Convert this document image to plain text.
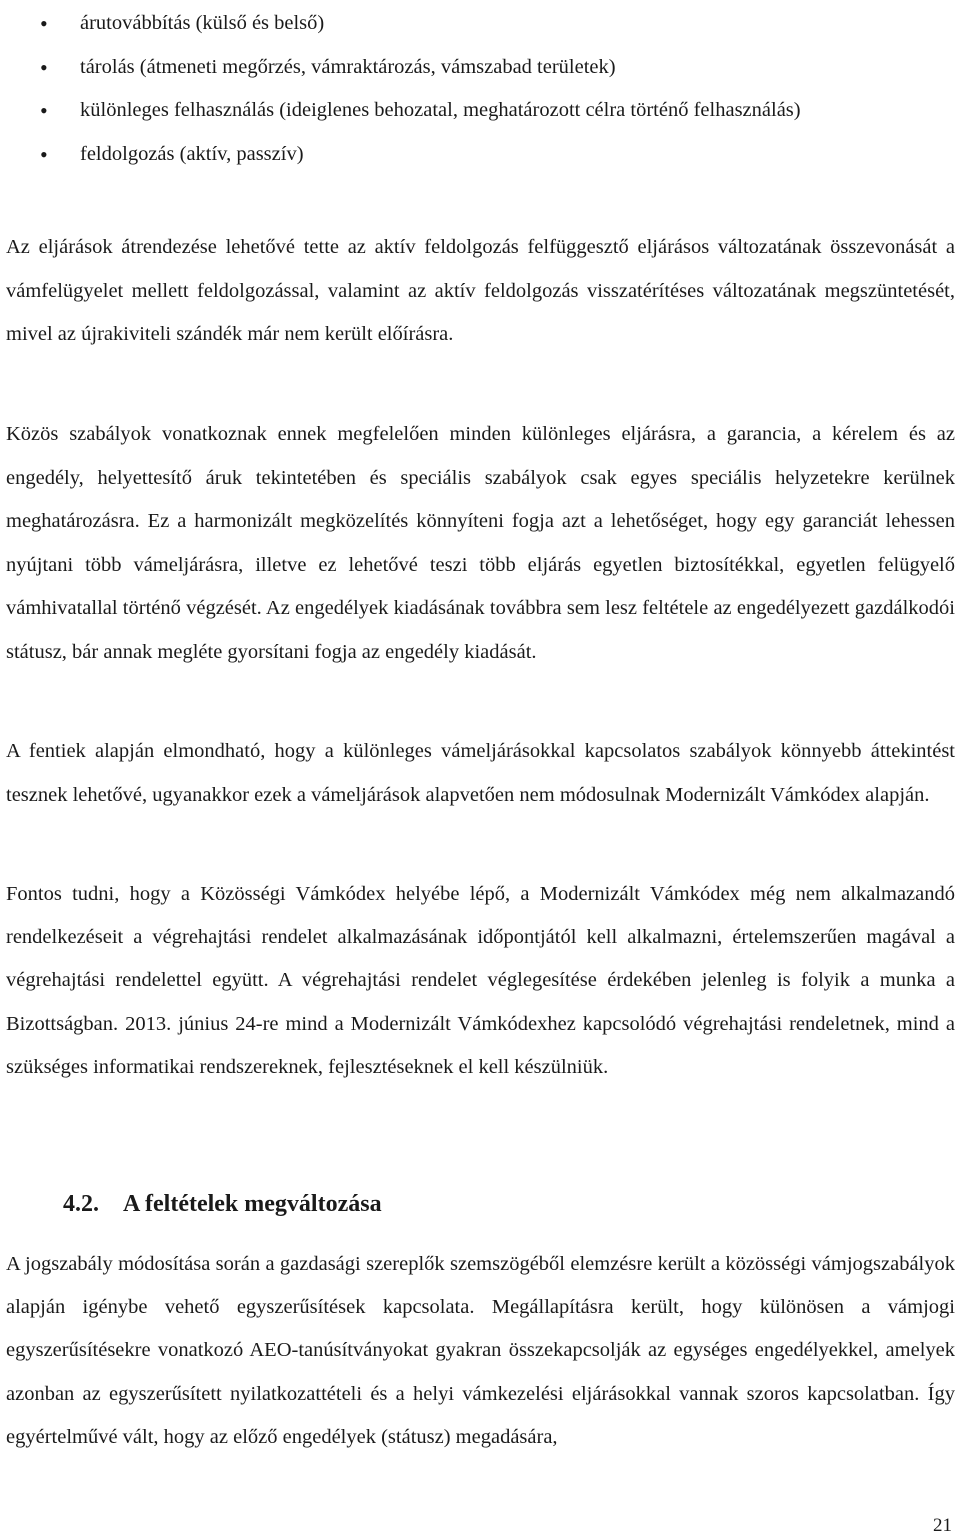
• árutovábbítás (külső és belső)
• tárolás (átmeneti megőrzés, vámraktározás, vámszabad területek)
• különleges felhasználás (ideiglenes behozatal, meghatározott célra történő felhasználás)
• feldolgozás (aktív, passzív)

Az eljárások átrendezése lehetővé tette az aktív feldolgozás felfüggesztő eljárásos változatának összevonását a vámfelügyelet mellett feldolgozással, valamint az aktív feldolgozás visszatérítéses változatának megszüntetését, mivel az újrakiviteli szándék már nem került előírásra.

Közös szabályok vonatkoznak ennek megfelelően minden különleges eljárásra, a garancia, a kérelem és az engedély, helyettesítő áruk tekintetében és speciális szabályok csak egyes speciális helyzetekre kerülnek meghatározásra. Ez a harmonizált megközelítés könnyíteni fogja azt a lehetőséget, hogy egy garanciát lehessen nyújtani több vámeljárásra, illetve ez lehetővé teszi több eljárás egyetlen biztosítékkal, egyetlen felügyelő vámhivatallal történő végzését. Az engedélyek kiadásának továbbra sem lesz feltétele az engedélyezett gazdálkodói státusz, bár annak megléte gyorsítani fogja az engedély kiadását.

A fentiek alapján elmondható, hogy a különleges vámeljárásokkal kapcsolatos szabályok könnyebb áttekintést tesznek lehetővé, ugyanakkor ezek a vámeljárások alapvetően nem módosulnak Modernizált Vámkódex alapján.

Fontos tudni, hogy a Közösségi Vámkódex helyébe lépő, a Modernizált Vámkódex még nem alkalmazandó rendelkezéseit a végrehajtási rendelet alkalmazásának időpontjától kell alkalmazni, értelemszerűen magával a végrehajtási rendelettel együtt. A végrehajtási rendelet véglegesítése érdekében jelenleg is folyik a munka a Bizottságban. 2013. június 24-re mind a Modernizált Vámkódexhez kapcsolódó végrehajtási rendeletnek, mind a szükséges informatikai rendszereknek, fejlesztéseknek el kell készülniük.

4.2. A feltételek megváltozása

A jogszabály módosítása során a gazdasági szereplők szemszögéből elemzésre került a közösségi vámjogszabályok alapján igénybe vehető egyszerűsítések kapcsolata. Megállapításra került, hogy különösen a vámjogi egyszerűsítésekre vonatkozó AEO-tanúsítványokat gyakran összekapcsolják az egységes engedélyekkel, amelyek azonban az egyszerűsített nyilatkozattételi és a helyi vámkezelési eljárásokkal vannak szoros kapcsolatban. Így egyértelművé vált, hogy az előző engedélyek (státusz) megadására,

21
